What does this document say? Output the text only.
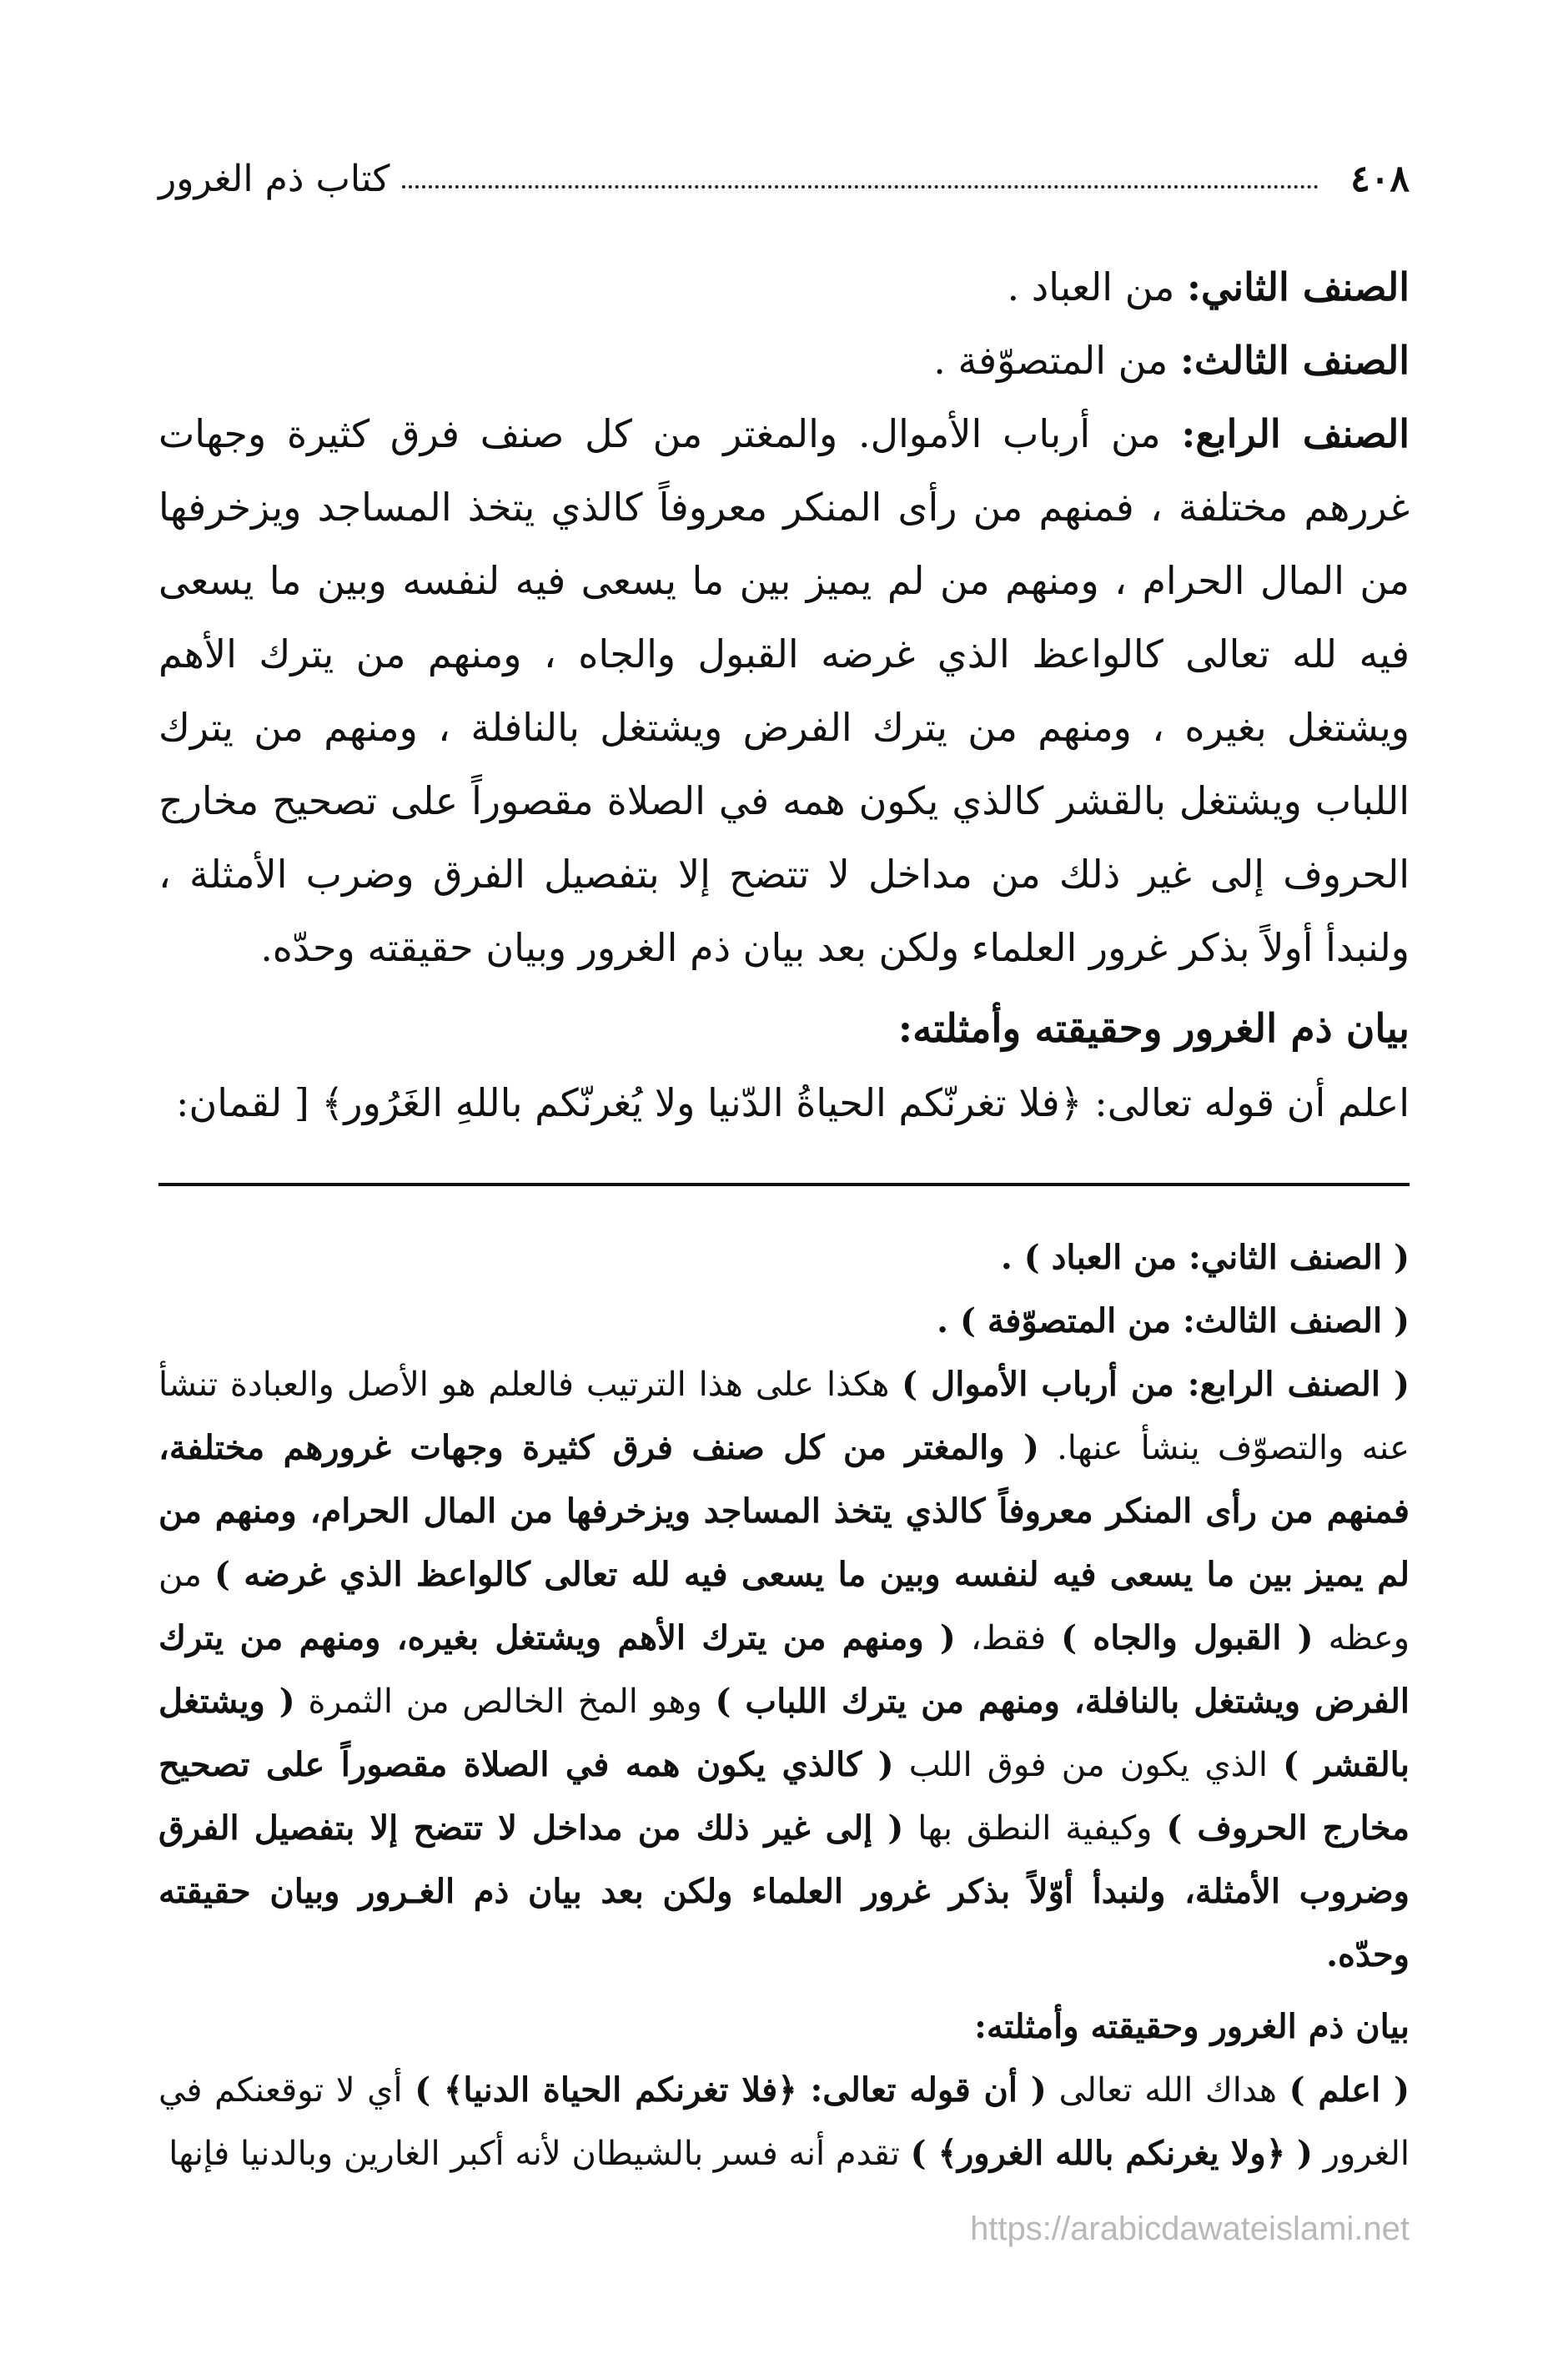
٤٠٨
كتاب ذم الغرور

الصنف الثاني: من العباد .

الصنف الثالث: من المتصوّفة .

الصنف الرابع: من أرباب الأموال. والمغتر من كل صنف فرق كثيرة وجهات غررهم مختلفة ، فمنهم من رأى المنكر معروفاً كالذي يتخذ المساجد ويزخرفها من المال الحرام ، ومنهم من لم يميز بين ما يسعى فيه لنفسه وبين ما يسعى فيه لله تعالى كالواعظ الذي غرضه القبول والجاه ، ومنهم من يترك الأهم ويشتغل بغيره ، ومنهم من يترك الفرض ويشتغل بالنافلة ، ومنهم من يترك اللباب ويشتغل بالقشر كالذي يكون همه في الصلاة مقصوراً على تصحيح مخارج الحروف إلى غير ذلك من مداخل لا تتضح إلا بتفصيل الفرق وضرب الأمثلة ، ولنبدأ أولاً بذكر غرور العلماء ولكن بعد بيان ذم الغرور وبيان حقيقته وحدّه.

بيان ذم الغرور وحقيقته وأمثلته:

اعلم أن قوله تعالى: ﴿فلا تغرنّكم الحياةُ الدّنيا ولا يُغرنّكم باللهِ الغَرُور﴾ [ لقمان:

( الصنف الثاني: من العباد ) .

( الصنف الثالث: من المتصوّفة ) .

( الصنف الرابع: من أرباب الأموال ) هكذا على هذا الترتيب فالعلم هو الأصل والعبادة تنشأ عنه والتصوّف ينشأ عنها. ( والمغتر من كل صنف فرق كثيرة وجهات غرورهم مختلفة، فمنهم من رأى المنكر معروفاً كالذي يتخذ المساجد ويزخرفها من المال الحرام، ومنهم من لم يميز بين ما يسعى فيه لنفسه وبين ما يسعى فيه لله تعالى كالواعظ الذي غرضه ) من وعظه ( القبول والجاه ) فقط، ( ومنهم من يترك الأهم ويشتغل بغيره، ومنهم من يترك الفرض ويشتغل بالنافلة، ومنهم من يترك اللباب ) وهو المخ الخالص من الثمرة ( ويشتغل بالقشر ) الذي يكون من فوق اللب ( كالذي يكون همه في الصلاة مقصوراً على تصحيح مخارج الحروف ) وكيفية النطق بها ( إلى غير ذلك من مداخل لا تتضح إلا بتفصيل الفرق وضروب الأمثلة، ولنبدأ أوّلاً بذكر غرور العلماء ولكن بعد بيان ذم الغـرور وبيان حقيقته وحدّه.

بيان ذم الغرور وحقيقته وأمثلته:

( اعلم ) هداك الله تعالى ( أن قوله تعالى: ﴿فلا تغرنكم الحياة الدنيا﴾ ) أي لا توقعنكم في الغرور ( ﴿ولا يغرنكم بالله الغرور﴾ ) تقدم أنه فسر بالشيطان لأنه أكبر الغارين وبالدنيا فإنها

https://arabicdawateislami.net
